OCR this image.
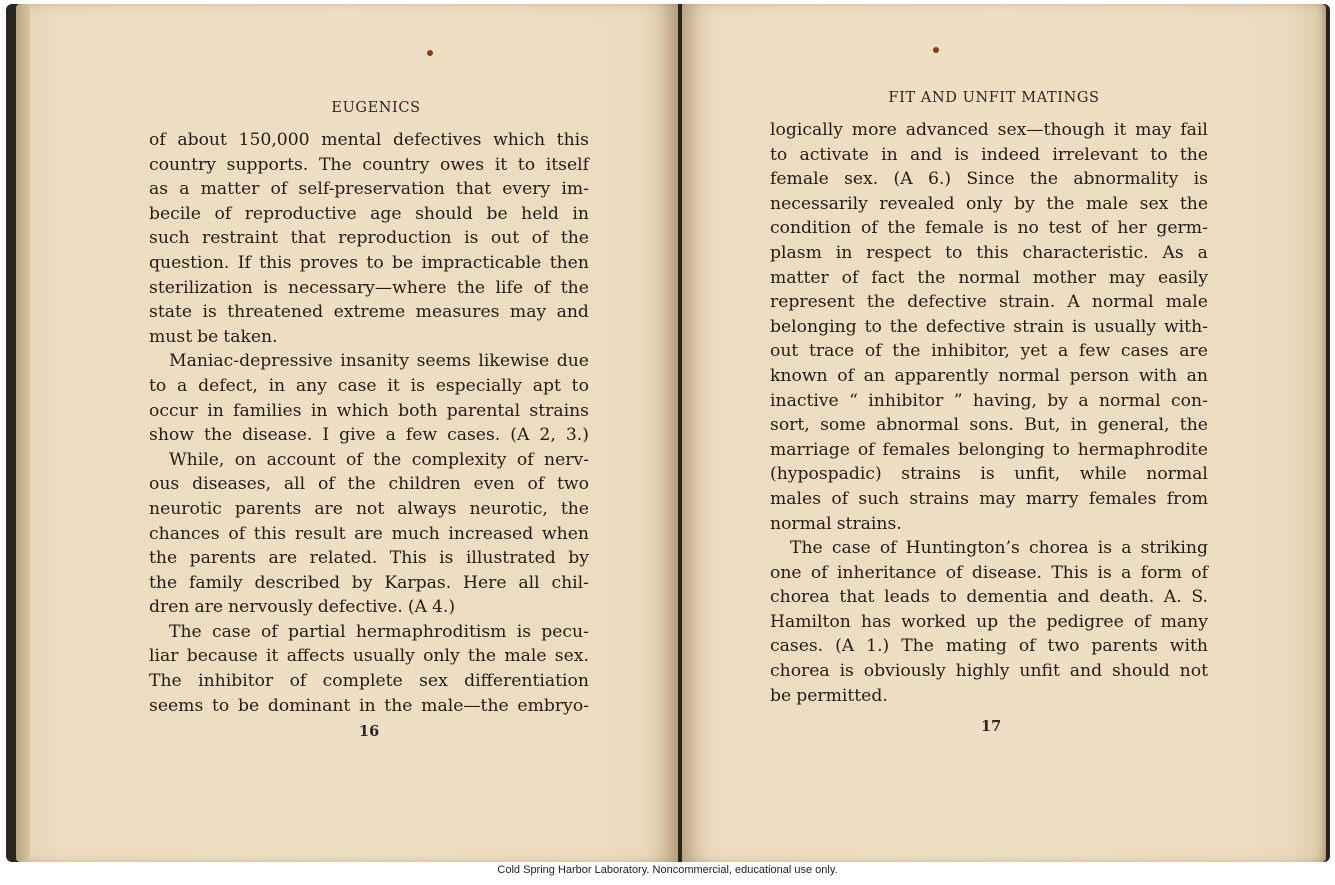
EUGENICS
of about 150,000 mental defectives which this
country supports. The country owes it to itself
as a matter of self-preservation that every im-
becile of reproductive age should be held in
such restraint that reproduction is out of the
question. If this proves to be impracticable then
sterilization is necessary—where the life of the
state is threatened extreme measures may and
must be taken.
Maniac-depressive insanity seems likewise due
to a defect, in any case it is especially apt to
occur in families in which both parental strains
show the disease. I give a few cases. (A 2, 3.)
While, on account of the complexity of nerv-
ous diseases, all of the children even of two
neurotic parents are not always neurotic, the
chances of this result are much increased when
the parents are related. This is illustrated by
the family described by Karpas. Here all chil-
dren are nervously defective. (A 4.)
The case of partial hermaphroditism is pecu-
liar because it affects usually only the male sex.
The inhibitor of complete sex differentiation
seems to be dominant in the male—the embryo-
16
FIT AND UNFIT MATINGS
logically more advanced sex—though it may fail
to activate in and is indeed irrelevant to the
female sex. (A 6.) Since the abnormality is
necessarily revealed only by the male sex the
condition of the female is no test of her germ-
plasm in respect to this characteristic. As a
matter of fact the normal mother may easily
represent the defective strain. A normal male
belonging to the defective strain is usually with-
out trace of the inhibitor, yet a few cases are
known of an apparently normal person with an
inactive “ inhibitor ” having, by a normal con-
sort, some abnormal sons. But, in general, the
marriage of females belonging to hermaphrodite
(hypospadic) strains is unfit, while normal
males of such strains may marry females from
normal strains.
The case of Huntington’s chorea is a striking
one of inheritance of disease. This is a form of
chorea that leads to dementia and death. A. S.
Hamilton has worked up the pedigree of many
cases. (A 1.) The mating of two parents with
chorea is obviously highly unfit and should not
be permitted.
17
Cold Spring Harbor Laboratory. Noncommercial, educational use only.
